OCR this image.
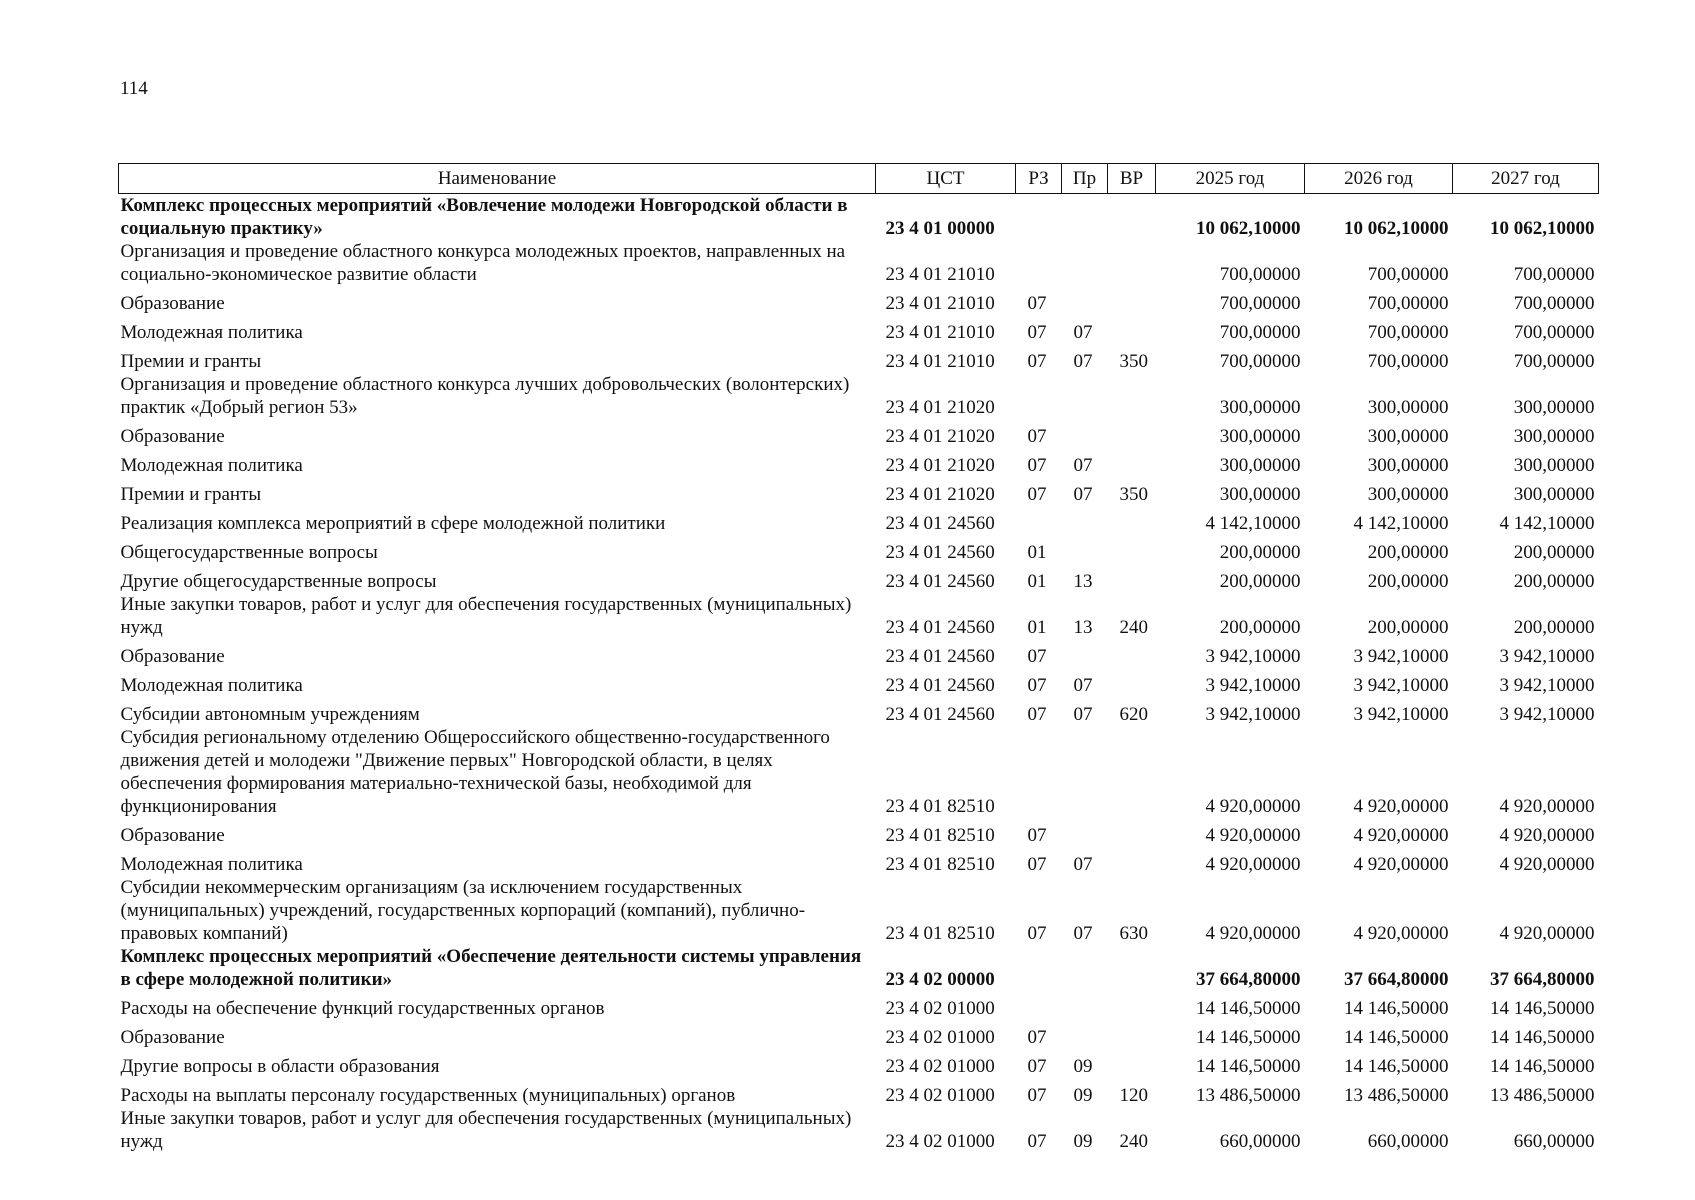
114
Наименование	ЦСТ	РЗ	Пр	ВР	2025 год	2026 год	2027 год
Комплекс процессных мероприятий «Вовлечение молодежи Новгородской области в социальную практику»	23 4 01 00000				10 062,10000	10 062,10000	10 062,10000
Организация и проведение областного конкурса молодежных проектов, направленных на социально-экономическое развитие области	23 4 01 21010				700,00000	700,00000	700,00000
Образование	23 4 01 21010	07			700,00000	700,00000	700,00000
Молодежная политика	23 4 01 21010	07	07		700,00000	700,00000	700,00000
Премии и гранты	23 4 01 21010	07	07	350	700,00000	700,00000	700,00000
Организация и проведение областного конкурса лучших добровольческих (волонтерских) практик «Добрый регион 53»	23 4 01 21020				300,00000	300,00000	300,00000
Образование	23 4 01 21020	07			300,00000	300,00000	300,00000
Молодежная политика	23 4 01 21020	07	07		300,00000	300,00000	300,00000
Премии и гранты	23 4 01 21020	07	07	350	300,00000	300,00000	300,00000
Реализация комплекса мероприятий в сфере молодежной политики	23 4 01 24560				4 142,10000	4 142,10000	4 142,10000
Общегосударственные вопросы	23 4 01 24560	01			200,00000	200,00000	200,00000
Другие общегосударственные вопросы	23 4 01 24560	01	13		200,00000	200,00000	200,00000
Иные закупки товаров, работ и услуг для обеспечения государственных (муниципальных) нужд	23 4 01 24560	01	13	240	200,00000	200,00000	200,00000
Образование	23 4 01 24560	07			3 942,10000	3 942,10000	3 942,10000
Молодежная политика	23 4 01 24560	07	07		3 942,10000	3 942,10000	3 942,10000
Субсидии автономным учреждениям	23 4 01 24560	07	07	620	3 942,10000	3 942,10000	3 942,10000
Субсидия региональному отделению Общероссийского общественно-государственного движения детей и молодежи "Движение первых" Новгородской области, в целях обеспечения формирования материально-технической базы, необходимой для функционирования	23 4 01 82510				4 920,00000	4 920,00000	4 920,00000
Образование	23 4 01 82510	07			4 920,00000	4 920,00000	4 920,00000
Молодежная политика	23 4 01 82510	07	07		4 920,00000	4 920,00000	4 920,00000
Субсидии некоммерческим организациям (за исключением государственных (муниципальных) учреждений, государственных корпораций (компаний), публично-правовых компаний)	23 4 01 82510	07	07	630	4 920,00000	4 920,00000	4 920,00000
Комплекс процессных мероприятий «Обеспечение деятельности системы управления в сфере молодежной политики»	23 4 02 00000				37 664,80000	37 664,80000	37 664,80000
Расходы на обеспечение функций государственных органов	23 4 02 01000				14 146,50000	14 146,50000	14 146,50000
Образование	23 4 02 01000	07			14 146,50000	14 146,50000	14 146,50000
Другие вопросы в области образования	23 4 02 01000	07	09		14 146,50000	14 146,50000	14 146,50000
Расходы на выплаты персоналу государственных (муниципальных) органов	23 4 02 01000	07	09	120	13 486,50000	13 486,50000	13 486,50000
Иные закупки товаров, работ и услуг для обеспечения государственных (муниципальных) нужд	23 4 02 01000	07	09	240	660,00000	660,00000	660,00000
